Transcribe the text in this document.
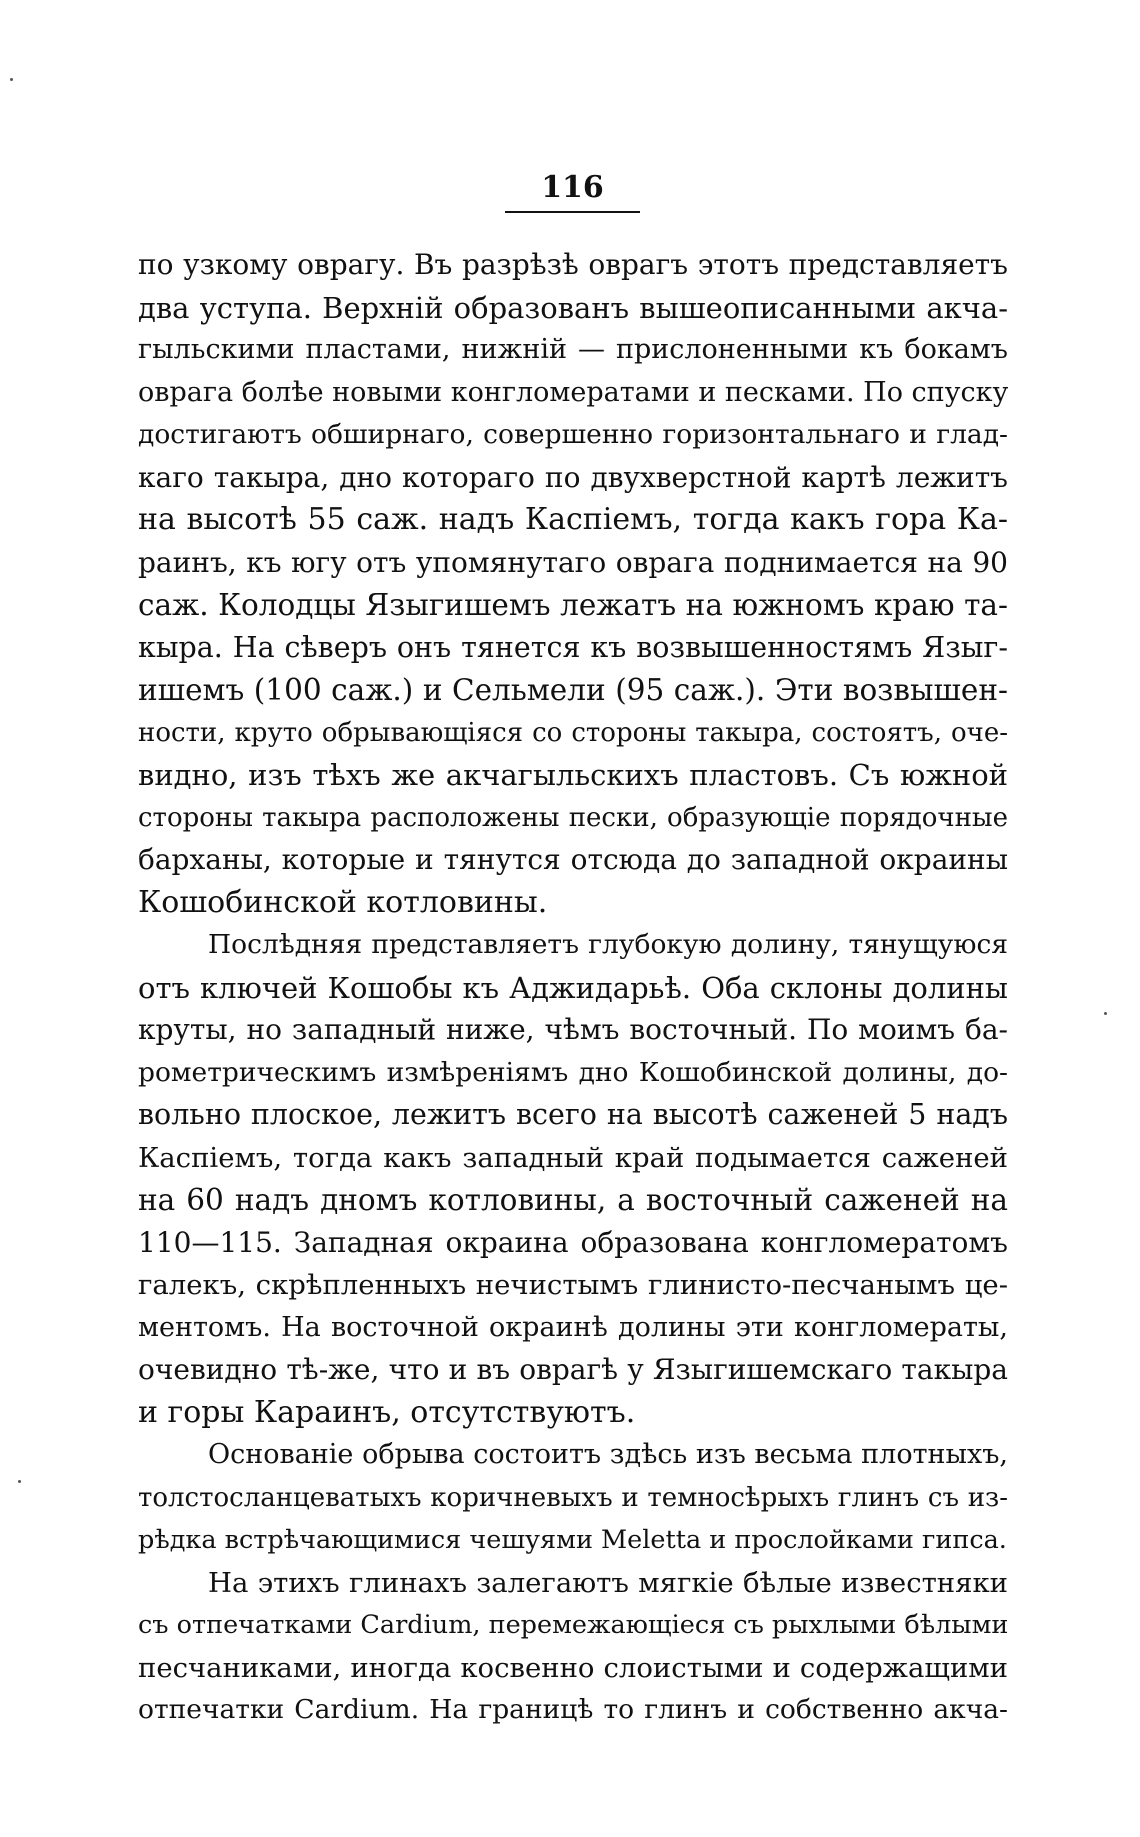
116
по узкому оврагу. Въ разрѣзѣ оврагъ этотъ представляетъ
два уступа. Верхній образованъ вышеописанными акча-
гыльскими пластами, нижній — прислоненными къ бокамъ
оврага болѣе новыми конгломератами и песками. По спуску
достигаютъ обширнаго, совершенно горизонтальнаго и глад-
каго такыра, дно котораго по двухверстной картѣ лежитъ
на высотѣ 55 саж. надъ Каспіемъ, тогда какъ гора Ка-
раинъ, къ югу отъ упомянутаго оврага поднимается на 90
саж. Колодцы Языгишемъ лежатъ на южномъ краю та-
кыра. На сѣверъ онъ тянется къ возвышенностямъ Языг-
ишемъ (100 саж.) и Сельмели (95 саж.). Эти возвышен-
ности, круто обрывающіяся со стороны такыра, состоятъ, оче-
видно, изъ тѣхъ же акчагыльскихъ пластовъ. Съ южной
стороны такыра расположены пески, образующіе порядочные
барханы, которые и тянутся отсюда до западной окраины
Кошобинской котловины.
Послѣдняя представляетъ глубокую долину, тянущуюся
отъ ключей Кошобы къ Аджидарьѣ. Оба склоны долины
круты, но западный ниже, чѣмъ восточный. По моимъ ба-
рометрическимъ измѣреніямъ дно Кошобинской долины, до-
вольно плоское, лежитъ всего на высотѣ саженей 5 надъ
Каспіемъ, тогда какъ западный край подымается саженей
на 60 надъ дномъ котловины, а восточный саженей на
110—115. Западная окраина образована конгломератомъ
галекъ, скрѣпленныхъ нечистымъ глинисто-песчанымъ це-
ментомъ. На восточной окраинѣ долины эти конгломераты,
очевидно тѣ-же, что и въ оврагѣ у Языгишемскаго такыра
и горы Караинъ, отсутствуютъ.
Основаніе обрыва состоитъ здѣсь изъ весьма плотныхъ,
толстосланцеватыхъ коричневыхъ и темносѣрыхъ глинъ съ из-
рѣдка встрѣчающимися чешуями Meletta и прослойками гипса.
На этихъ глинахъ залегаютъ мягкіе бѣлые известняки
съ отпечатками Cardium, перемежающіеся съ рыхлыми бѣлыми
песчаниками, иногда косвенно слоистыми и содержащими
отпечатки Cardium. На границѣ то глинъ и собственно акча-
